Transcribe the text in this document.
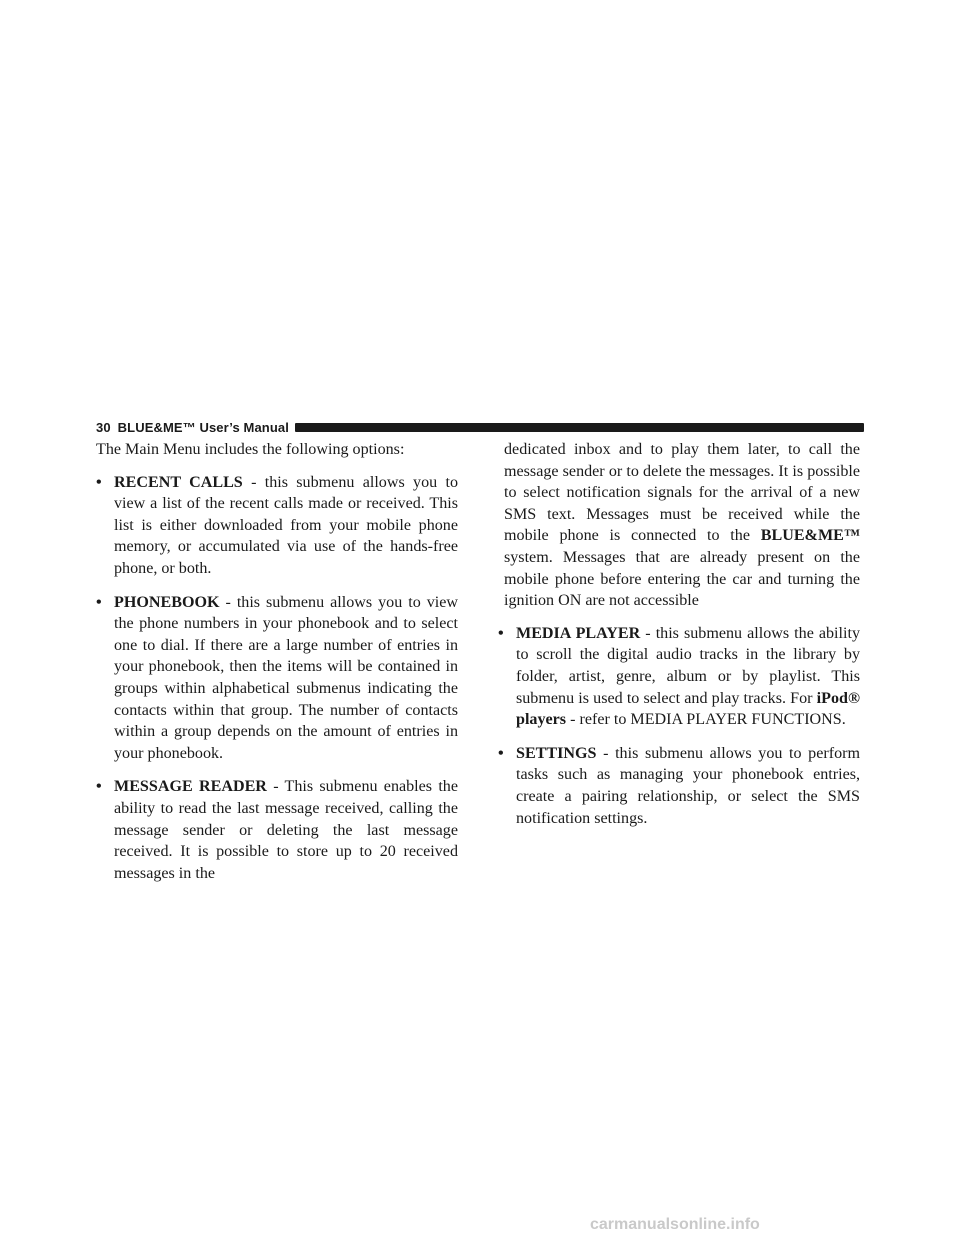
30 BLUE&ME™ User’s Manual

The Main Menu includes the following options:

• RECENT CALLS - this submenu allows you to view a list of the recent calls made or received. This list is either downloaded from your mobile phone memory, or accumulated via use of the hands-free phone, or both.

• PHONEBOOK - this submenu allows you to view the phone numbers in your phonebook and to select one to dial. If there are a large number of entries in your phonebook, then the items will be contained in groups within alphabetical submenus indicating the contacts within that group. The number of contacts within a group depends on the amount of entries in your phonebook.

• MESSAGE READER - This submenu enables the ability to read the last message received, calling the message sender or deleting the last message received. It is possible to store up to 20 received messages in the

dedicated inbox and to play them later, to call the message sender or to delete the messages. It is possible to select notification signals for the arrival of a new SMS text. Messages must be received while the mobile phone is connected to the BLUE&ME™ system. Messages that are already present on the mobile phone before entering the car and turning the ignition ON are not accessible

• MEDIA PLAYER - this submenu allows the ability to scroll the digital audio tracks in the library by folder, artist, genre, album or by playlist. This submenu is used to select and play tracks. For iPod® players - refer to MEDIA PLAYER FUNCTIONS.

• SETTINGS - this submenu allows you to perform tasks such as managing your phonebook entries, create a pairing relationship, or select the SMS notification settings.

carmanualsonline.info
